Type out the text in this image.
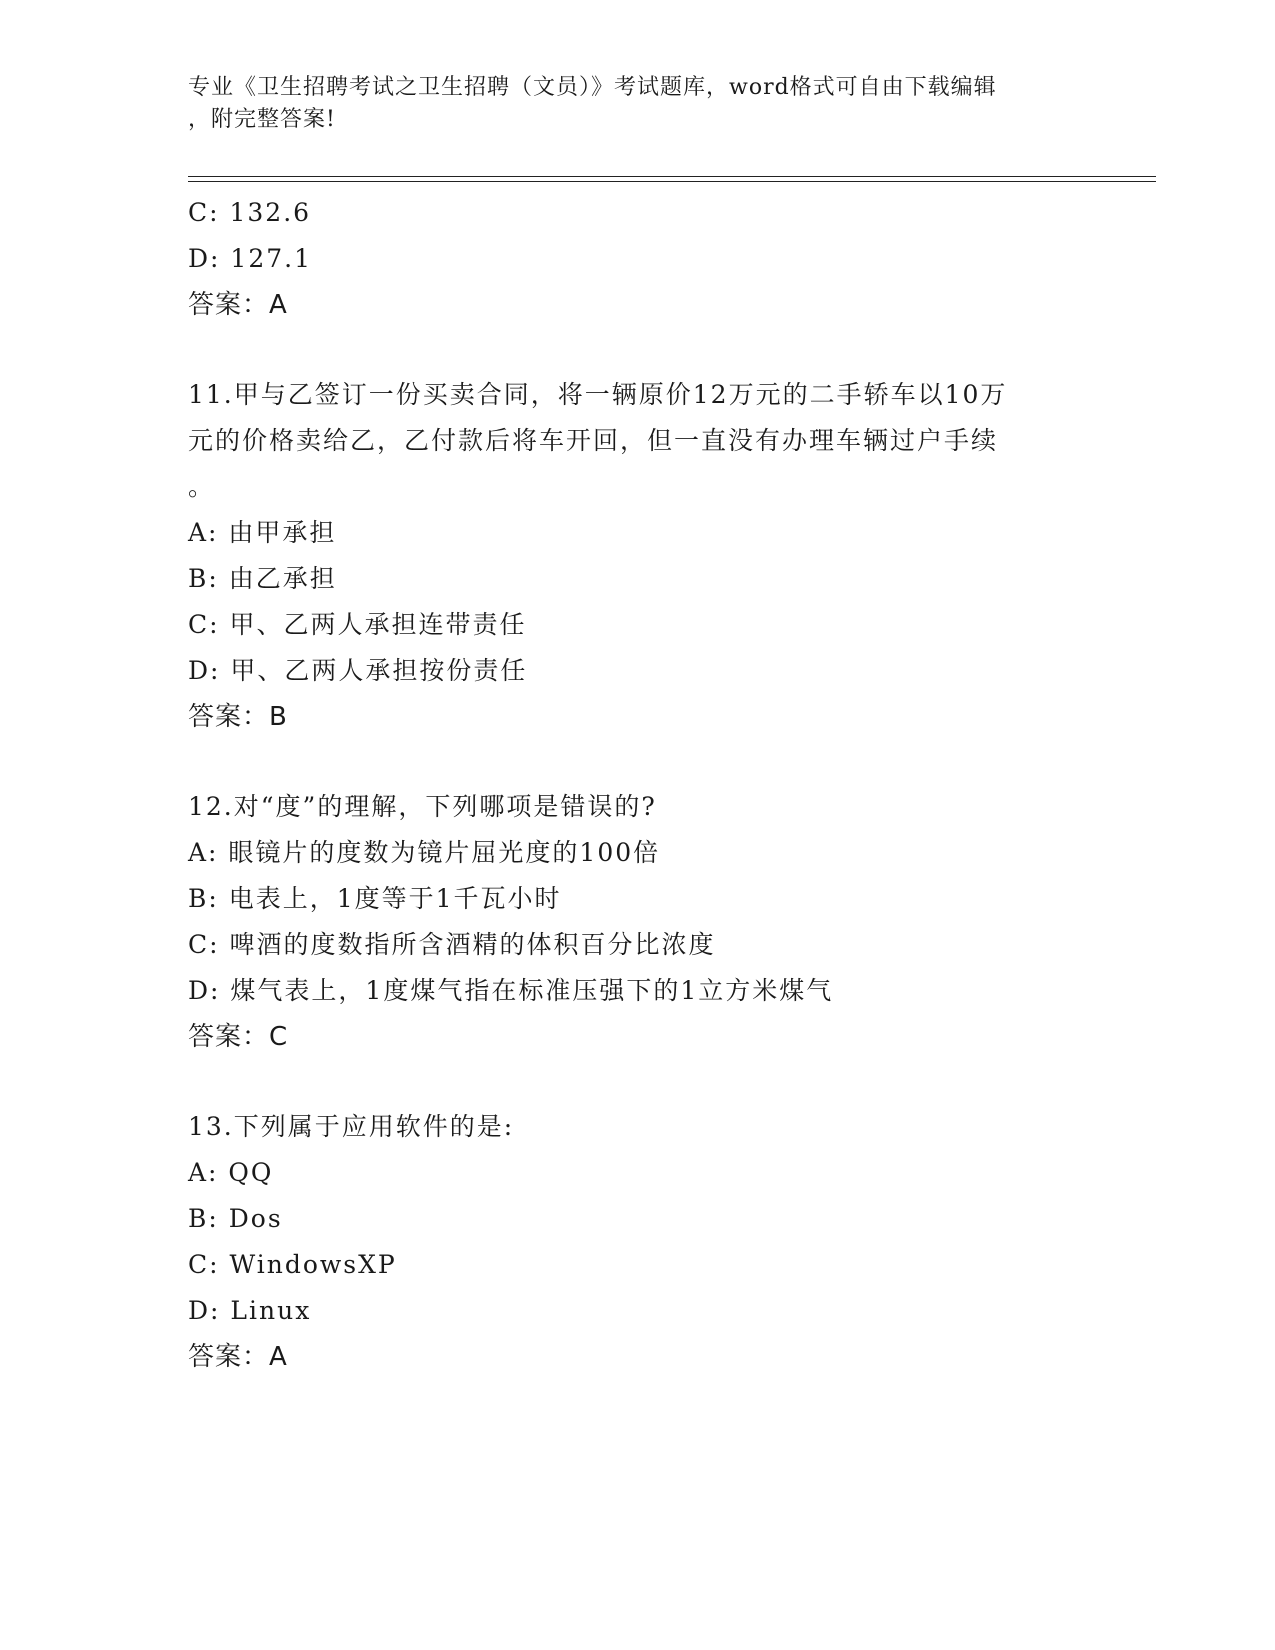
专业《卫生招聘考试之卫生招聘（文员）》考试题库，word格式可自由下载编辑
，附完整答案!
C: 132.6
D: 127.1
答案：A
11.甲与乙签订一份买卖合同，将一辆原价12万元的二手轿车以10万
元的价格卖给乙，乙付款后将车开回，但一直没有办理车辆过户手续
。
A: 由甲承担
B: 由乙承担
C: 甲、乙两人承担连带责任
D: 甲、乙两人承担按份责任
答案：B
12.对“度”的理解，下列哪项是错误的?
A: 眼镜片的度数为镜片屈光度的100倍
B: 电表上，1度等于1千瓦小时
C: 啤酒的度数指所含酒精的体积百分比浓度
D: 煤气表上，1度煤气指在标准压强下的1立方米煤气
答案：C
13.下列属于应用软件的是:
A: QQ
B: Dos
C: WindowsXP
D: Linux
答案：A
